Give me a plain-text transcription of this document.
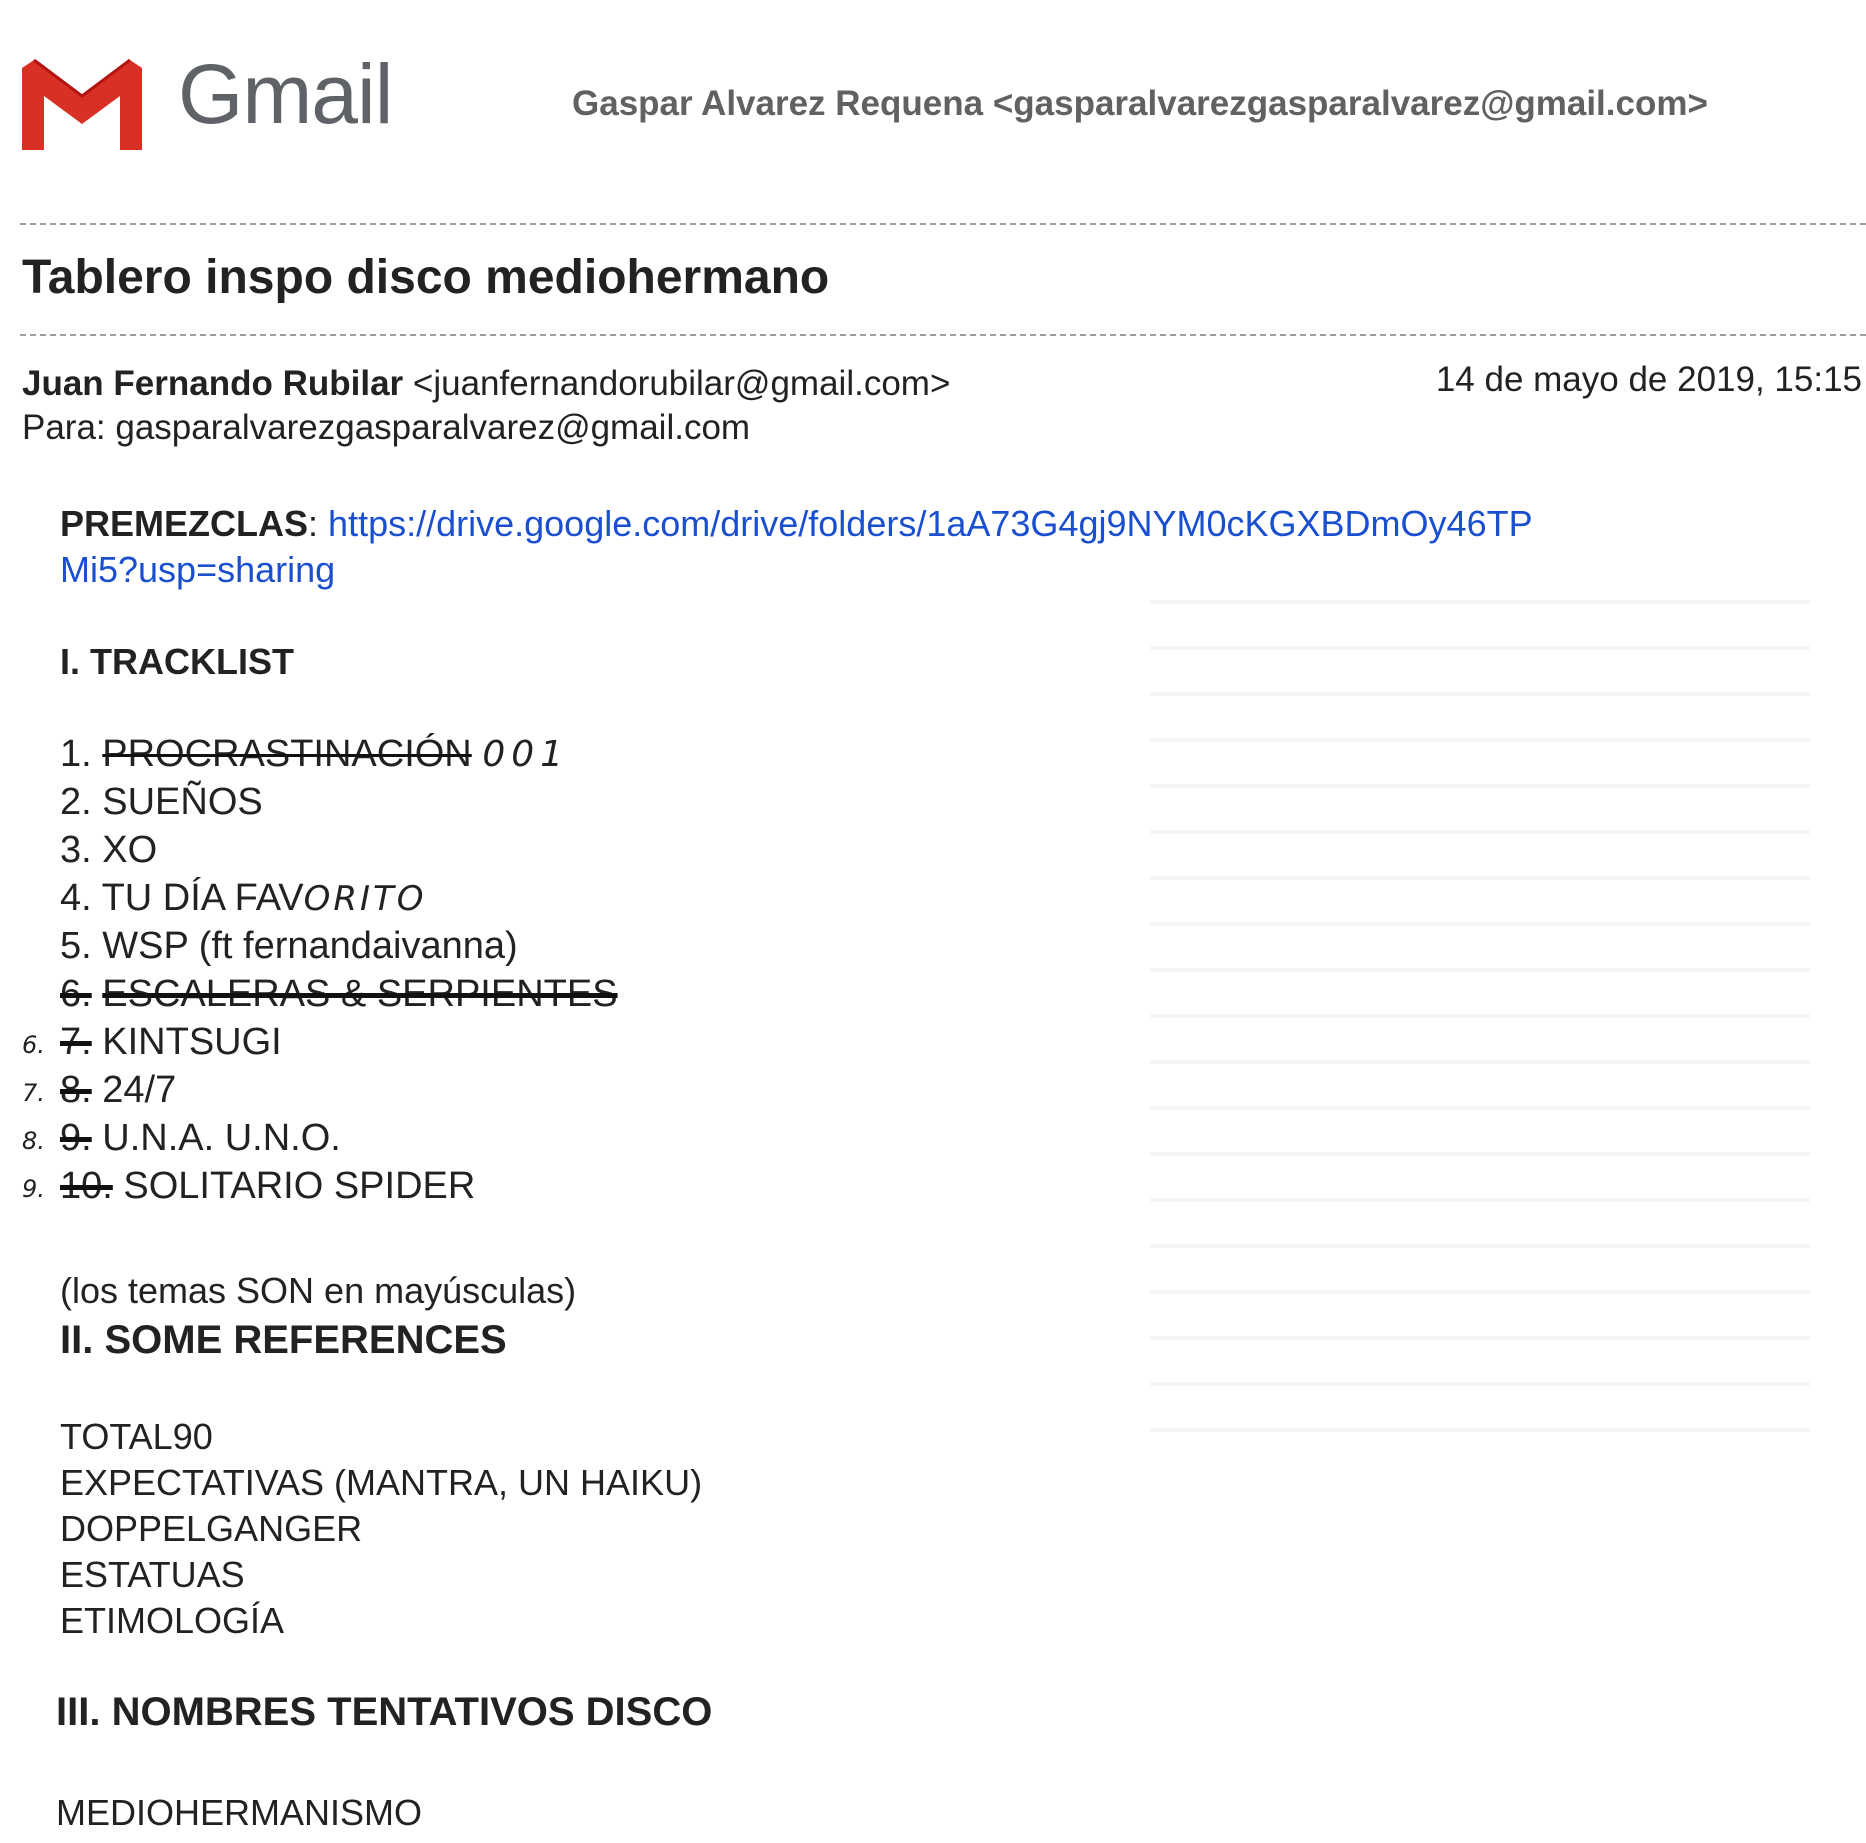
Gmail	Gaspar Alvarez Requena <gasparalvarezgasparalvarez@gmail.com>
Tablero inspo disco mediohermano
Juan Fernando Rubilar <juanfernandorubilar@gmail.com>	14 de mayo de 2019, 15:15
Para: gasparalvarezgasparalvarez@gmail.com
PREMEZCLAS: https://drive.google.com/drive/folders/1aA73G4gj9NYM0cKGXBDmOy46TP
Mi5?usp=sharing
I. TRACKLIST
1. PROCRASTINACIÓN 001
2. SUEÑOS
3. XO
4. TU DÍA FAVORITO
5. WSP (ft fernandaivanna)
6. ESCALERAS & SERPIENTES
6. 7. KINTSUGI
7. 8. 24/7
8. 9. U.N.A. U.N.O.
9. 10. SOLITARIO SPIDER
(los temas SON en mayúsculas)
II. SOME REFERENCES
TOTAL90
EXPECTATIVAS (MANTRA, UN HAIKU)
DOPPELGANGER
ESTATUAS
ETIMOLOGÍA
III. NOMBRES TENTATIVOS DISCO
MEDIOHERMANISMO
